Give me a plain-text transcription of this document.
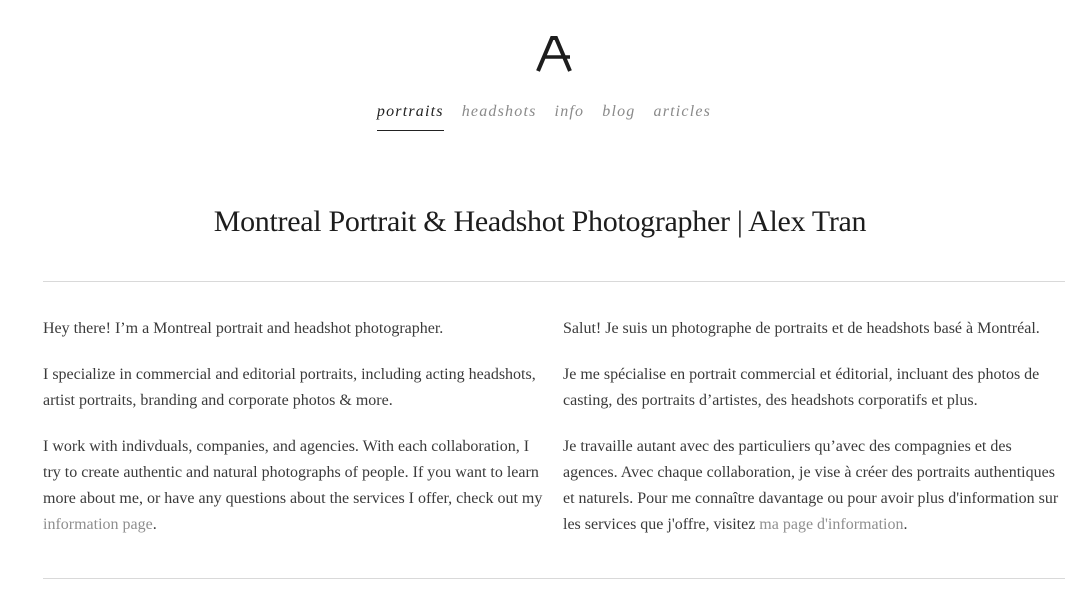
portraits headshots info blog articles
Montreal Portrait & Headshot Photographer | Alex Tran

Hey there! I’m a Montreal portrait and headshot photographer.

I specialize in commercial and editorial portraits, including acting headshots, artist portraits, branding and corporate photos & more.

I work with indivduals, companies, and agencies. With each collaboration, I try to create authentic and natural photographs of people. If you want to learn more about me, or have any questions about the services I offer, check out my information page.

Salut! Je suis un photographe de portraits et de headshots basé à Montréal.

Je me spécialise en portrait commercial et éditorial, incluant des photos de casting, des portraits d’artistes, des headshots corporatifs et plus.

Je travaille autant avec des particuliers qu’avec des compagnies et des agences. Avec chaque collaboration, je vise à créer des portraits authentiques et naturels. Pour me connaître davantage ou pour avoir plus d'information sur les services que j'offre, visitez ma page d'information.
